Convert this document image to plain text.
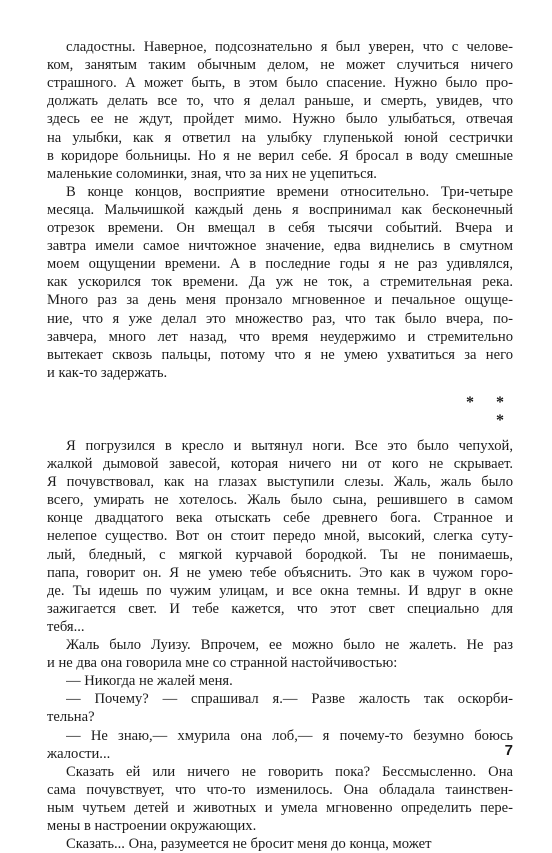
сладостны. Наверное, подсознательно я был уверен, что с челове-
ком, занятым таким обычным делом, не может случиться ничего
страшного. А может быть, в этом было спасение. Нужно было про-
должать делать все то, что я делал раньше, и смерть, увидев, что
здесь ее не ждут, пройдет мимо. Нужно было улыбаться, отвечая
на улыбки, как я ответил на улыбку глупенькой юной сестрички
в коридоре больницы. Но я не верил себе. Я бросал в воду смешные
маленькие соломинки, зная, что за них не уцепиться.
В конце концов, восприятие времени относительно. Три-четыре
месяца. Мальчишкой каждый день я воспринимал как бесконечный
отрезок времени. Он вмещал в себя тысячи событий. Вчера и
завтра имели самое ничтожное значение, едва виднелись в смутном
моем ощущении времени. А в последние годы я не раз удивлялся,
как ускорился ток времени. Да уж не ток, а стремительная река.
Много раз за день меня пронзало мгновенное и печальное ощуще-
ние, что я уже делал это множество раз, что так было вчера, по-
завчера, много лет назад, что время неудержимо и стремительно
вытекает сквозь пальцы, потому что я не умею ухватиться за него
и как-то задержать.
* * *
Я погрузился в кресло и вытянул ноги. Все это было чепухой,
жалкой дымовой завесой, которая ничего ни от кого не скрывает.
Я почувствовал, как на глазах выступили слезы. Жаль, жаль было
всего, умирать не хотелось. Жаль было сына, решившего в самом
конце двадцатого века отыскать себе древнего бога. Странное и
нелепое существо. Вот он стоит передо мной, высокий, слегка суту-
лый, бледный, с мягкой курчавой бородкой. Ты не понимаешь,
папа, говорит он. Я не умею тебе объяснить. Это как в чужом горо-
де. Ты идешь по чужим улицам, и все окна темны. И вдруг в окне
зажигается свет. И тебе кажется, что этот свет специально для
тебя...
Жаль было Луизу. Впрочем, ее можно было не жалеть. Не раз
и не два она говорила мне со странной настойчивостью:
— Никогда не жалей меня.
— Почему? — спрашивал я.— Разве жалость так оскорби-
тельна?
— Не знаю,— хмурила она лоб,— я почему-то безумно боюсь
жалости...
Сказать ей или ничего не говорить пока? Бессмысленно. Она
сама почувствует, что что-то изменилось. Она обладала таинствен-
ным чутьем детей и животных и умела мгновенно определить пере-
мены в настроении окружающих.
Сказать... Она, разумеется не бросит меня до конца, может
7
